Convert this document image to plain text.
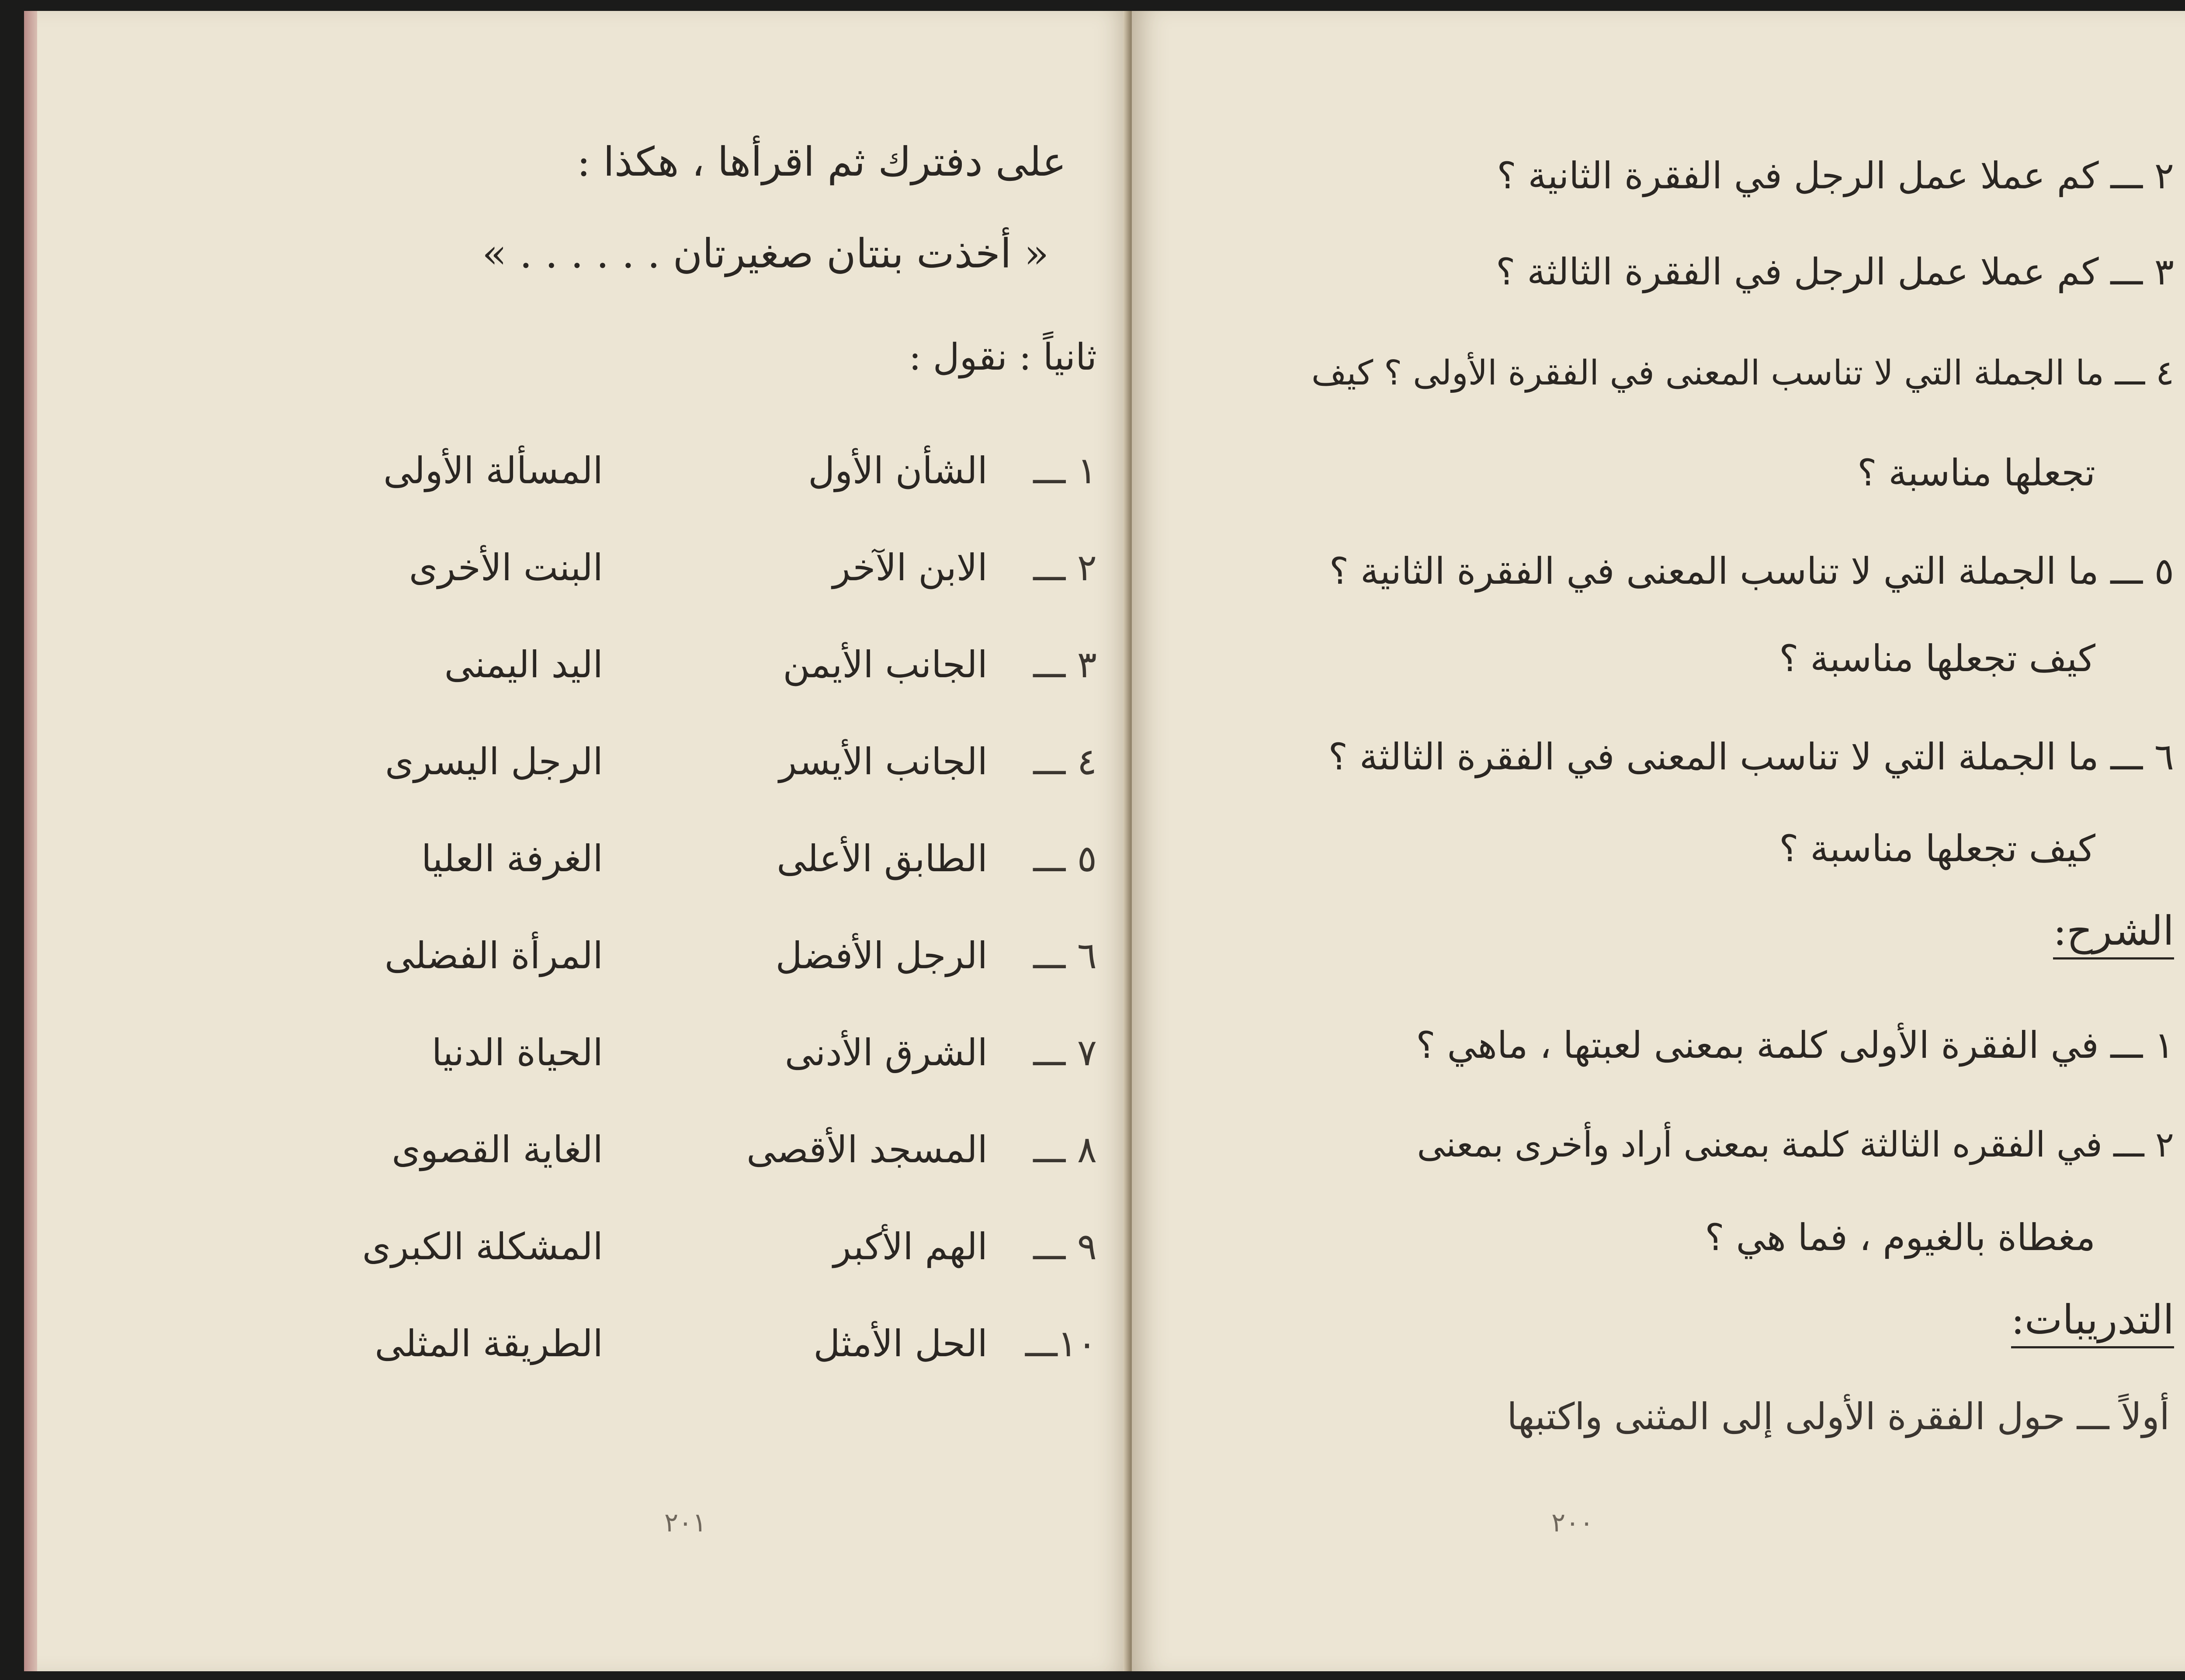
على دفترك ثم اقرأها ، هكذا :
« أخذت بنتان صغيرتان . . . . . . »
ثانياً : نقول :
١ ـــ
الشأن الأول
المسألة الأولى
٢ ـــ
الابن الآخر
البنت الأخرى
٣ ـــ
الجانب الأيمن
اليد اليمنى
٤ ـــ
الجانب الأيسر
الرجل اليسرى
٥ ـــ
الطابق الأعلى
الغرفة العليا
٦ ـــ
الرجل الأفضل
المرأة الفضلى
٧ ـــ
الشرق الأدنى
الحياة الدنيا
٨ ـــ
المسجد الأقصى
الغاية القصوى
٩ ـــ
الهم الأكبر
المشكلة الكبرى
١٠ـــ
الحل الأمثل
الطريقة المثلى
٢٠١
٢ ـــ كم عملا عمل الرجل في الفقرة الثانية ؟
٣ ـــ كم عملا عمل الرجل في الفقرة الثالثة ؟
٤ ـــ ما الجملة التي لا تناسب المعنى في الفقرة الأولى ؟ كيف
تجعلها مناسبة ؟
٥ ـــ ما الجملة التي لا تناسب المعنى في الفقرة الثانية ؟
كيف تجعلها مناسبة ؟
٦ ـــ ما الجملة التي لا تناسب المعنى في الفقرة الثالثة ؟
كيف تجعلها مناسبة ؟
الشرح:
١ ـــ في الفقرة الأولى كلمة بمعنى لعبتها ، ماهي ؟
٢ ـــ في الفقره الثالثة كلمة بمعنى أراد وأخرى بمعنى
مغطاة بالغيوم ، فما هي ؟
التدريبات:
أولاً ـــ حول الفقرة الأولى إلى المثنى واكتبها
٢٠٠
